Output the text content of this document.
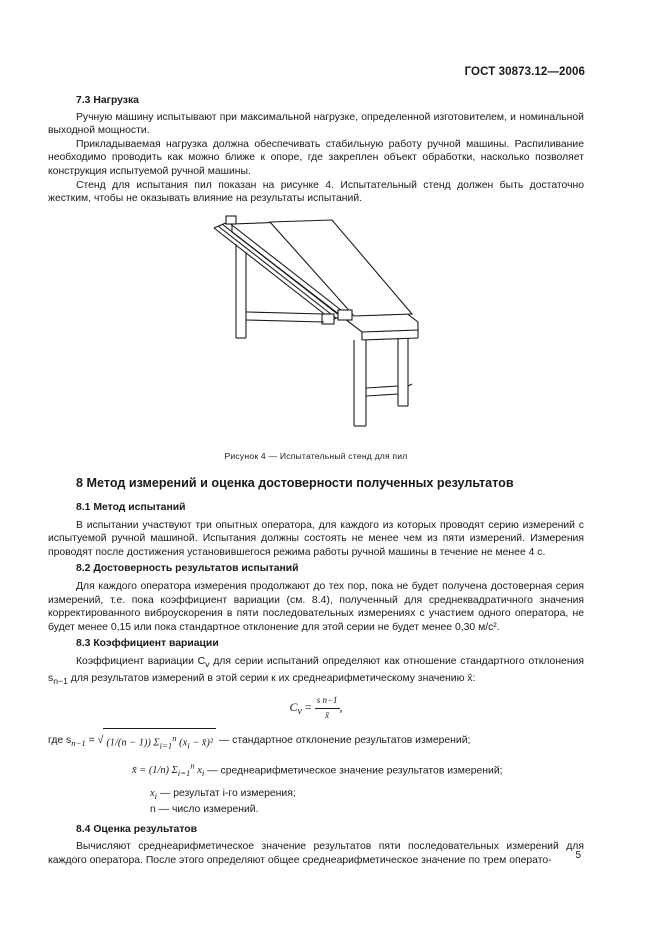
ГОСТ 30873.12—2006
7.3 Нагрузка

Ручную машину испытывают при максимальной нагрузке, определенной изготовителем, и номинальной выходной мощности.

Прикладываемая нагрузка должна обеспечивать стабильную работу ручной машины. Распиливание необходимо проводить как можно ближе к опоре, где закреплен объект обработки, насколько позволяет конструкция испытуемой ручной машины.

Стенд для испытания пил показан на рисунке 4. Испытательный стенд должен быть достаточно жестким, чтобы не оказывать влияние на результаты испытаний.

Рисунок 4 — Испытательный стенд для пил
8 Метод измерений и оценка достоверности полученных результатов
8.1 Метод испытаний

В испытании участвуют три опытных оператора, для каждого из которых проводят серию измерений с испытуемой ручной машиной. Испытания должны состоять не менее чем из пяти измерений. Измерения проводят после достижения установившегося режима работы ручной машины в течение не менее 4 с.

8.2 Достоверность результатов испытаний

Для каждого оператора измерения продолжают до тех пор, пока не будет получена достоверная серия измерений, т.е. пока коэффициент вариации (см. 8.4), полученный для среднеквадратичного значения корректированного виброускорения в пяти последовательных измерениях с участием одного оператора, не будет менее 0,15 или пока стандартное отклонение для этой серии не будет менее 0,30 м/с².

8.3 Коэффициент вариации

Коэффициент вариации $C_v$ для серии испытаний определяют как отношение стандартного отклонения $s_{n-1}$ для результатов измерений в этой серии к их среднеарифметическому значению x̄:

$C_v = \frac{\text{s n−1}}{x̄}$ ,
где $s_{n-1}$ = √ (1/(n − 1)) $\Sigma_{i=1}^n$ ($x_i$ − x̄)² — стандартное отклонение результатов измерений;
x̄ = (1/n) $\Sigma_{i=1}^n$ $x_i$ — среднеарифметическое значение результатов измерений;
$x_i$ — результат i-го измерения;
n — число измерений.
8.4 Оценка результатов

Вычисляют среднеарифметическое значение результатов пяти последовательных измерений для каждого оператора. После этого определяют общее среднеарифметическое значение по трем операто-	5
